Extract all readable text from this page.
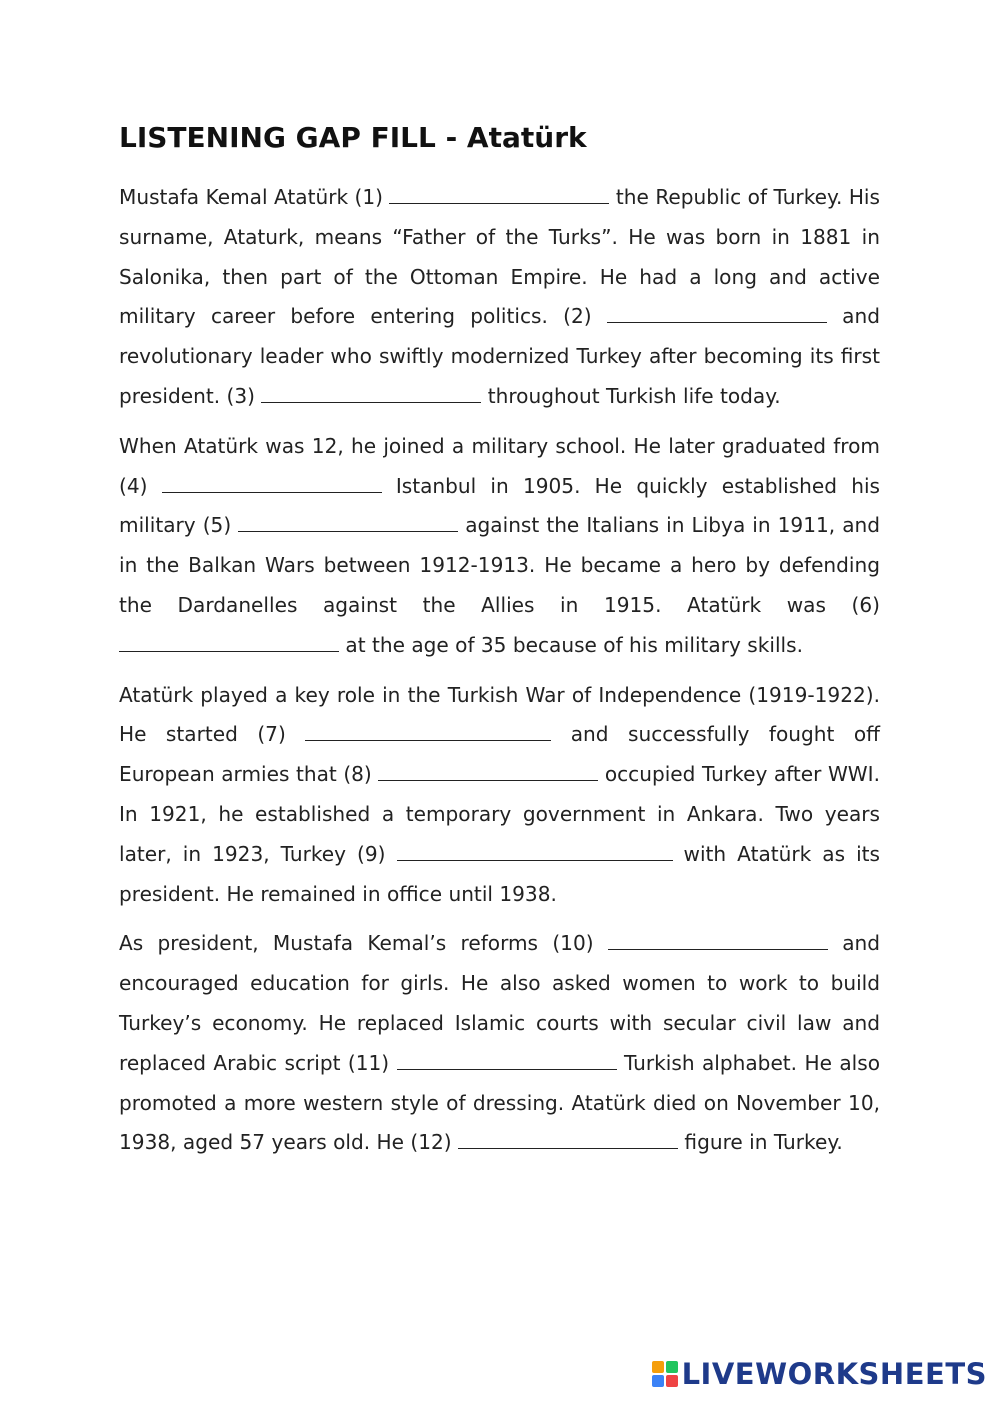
LISTENING GAP FILL - Atatürk

Mustafa Kemal Atatürk (1)	the Republic of Turkey. His surname, Ataturk, means “Father of the Turks”. He was born in 1881 in Salonika, then part of the Ottoman Empire. He had a long and active military career before entering politics. (2)	and revolutionary leader who swiftly modernized Turkey after becoming its first president. (3)	throughout Turkish life today.

When Atatürk was 12, he joined a military school. He later graduated from (4)	Istanbul in 1905. He quickly established his military (5)	against the Italians in Libya in 1911, and in the Balkan Wars between 1912-1913. He became a hero by defending the Dardanelles against the Allies in 1915. Atatürk was (6)  at the age of 35 because of his military skills.

Atatürk played a key role in the Turkish War of Independence (1919-1922). He started (7)	and successfully fought off European armies that (8)	occupied Turkey after WWI. In 1921, he established a temporary government in Ankara. Two years later, in 1923, Turkey (9)	with Atatürk as its president. He remained in office until 1938.

As president, Mustafa Kemal’s reforms (10)	and encouraged education for girls. He also asked women to work to build Turkey’s economy. He replaced Islamic courts with secular civil law and replaced Arabic script (11)	Turkish alphabet. He also promoted a more western style of dressing. Atatürk died on November 10, 1938, aged 57 years old. He (12)	figure in Turkey.

LIVEWORKSHEETS
